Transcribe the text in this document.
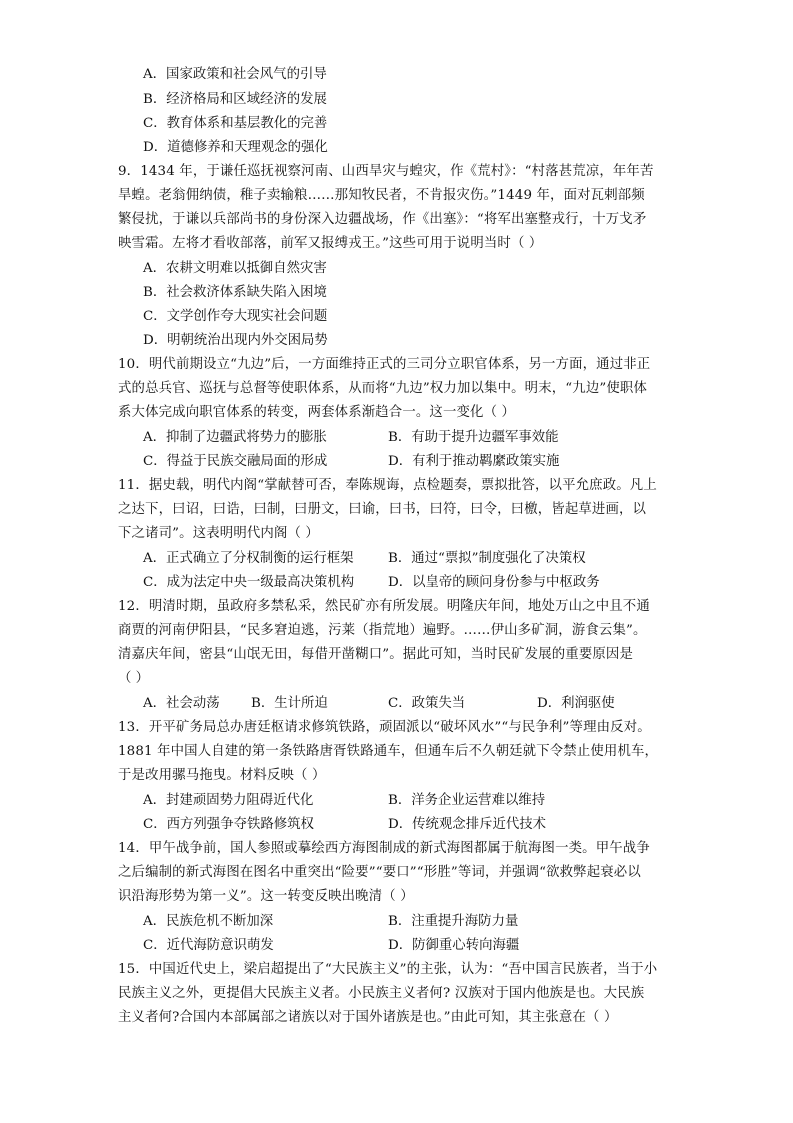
A．国家政策和社会风气的引导
B．经济格局和区域经济的发展
C．教育体系和基层教化的完善
D．道德修养和天理观念的强化
9．1434 年，于谦任巡抚视察河南、山西旱灾与蝗灾，作《荒村》：“村落甚荒凉，年年苦
旱蝗。老翁佣纳债，稚子卖输粮……那知牧民者，不肯报灾伤。”1449 年，面对瓦剌部频
繁侵扰，于谦以兵部尚书的身份深入边疆战场，作《出塞》：“将军出塞整戎行，十万戈矛
映雪霜。左将才看收部落，前军又报缚戎王。”这些可用于说明当时（ ）
A．农耕文明难以抵御自然灾害
B．社会救济体系缺失陷入困境
C．文学创作夸大现实社会问题
D．明朝统治出现内外交困局势
10．明代前期设立“九边”后，一方面维持正式的三司分立职官体系，另一方面，通过非正
式的总兵官、巡抚与总督等使职体系，从而将“九边”权力加以集中。明末，“九边”使职体
系大体完成向职官体系的转变，两套体系渐趋合一。这一变化（ ）
A．抑制了边疆武将势力的膨胀	B．有助于提升边疆军事效能
C．得益于民族交融局面的形成	D．有利于推动羁縻政策实施
11．据史载，明代内阁“掌献替可否，奉陈规诲，点检题奏，票拟批答，以平允庶政。凡上
之达下，曰诏，曰诰，曰制，曰册文，曰谕，曰书，曰符，曰令，曰檄，皆起草进画，以
下之诸司”。这表明明代内阁（ ）
A．正式确立了分权制衡的运行框架	B．通过“票拟”制度强化了决策权
C．成为法定中央一级最高决策机构	D．以皇帝的顾问身份参与中枢政务
12．明清时期，虽政府多禁私采，然民矿亦有所发展。明隆庆年间，地处万山之中且不通
商贾的河南伊阳县，“民多窘迫逃，污莱（指荒地）遍野。……伊山多矿洞，游食云集”。
清嘉庆年间，密县“山氓无田，每借开凿糊口”。据此可知，当时民矿发展的重要原因是
（ ）
A．社会动荡 B．生计所迫	C．政策失当	D．利润驱使
13．开平矿务局总办唐廷枢请求修筑铁路，顽固派以“破坏风水”“与民争利”等理由反对。
1881 年中国人自建的第一条铁路唐胥铁路通车，但通车后不久朝廷就下令禁止使用机车，
于是改用骡马拖曳。材料反映（ ）
A．封建顽固势力阻碍近代化	B．洋务企业运营难以维持
C．西方列强争夺铁路修筑权	D．传统观念排斥近代技术
14．甲午战争前，国人参照或摹绘西方海图制成的新式海图都属于航海图一类。甲午战争
之后编制的新式海图在图名中重突出“险要”“要口”“形胜”等词，并强调“欲救弊起衰必以
识沿海形势为第一义”。这一转变反映出晚清（ ）
A．民族危机不断加深	B．注重提升海防力量
C．近代海防意识萌发	D．防御重心转向海疆
15．中国近代史上，梁启超提出了“大民族主义”的主张，认为：“吾中国言民族者，当于小
民族主义之外，更提倡大民族主义者。小民族主义者何? 汉族对于国内他族是也。大民族
主义者何?合国内本部属部之诸族以对于国外诸族是也。”由此可知，其主张意在（ ）
